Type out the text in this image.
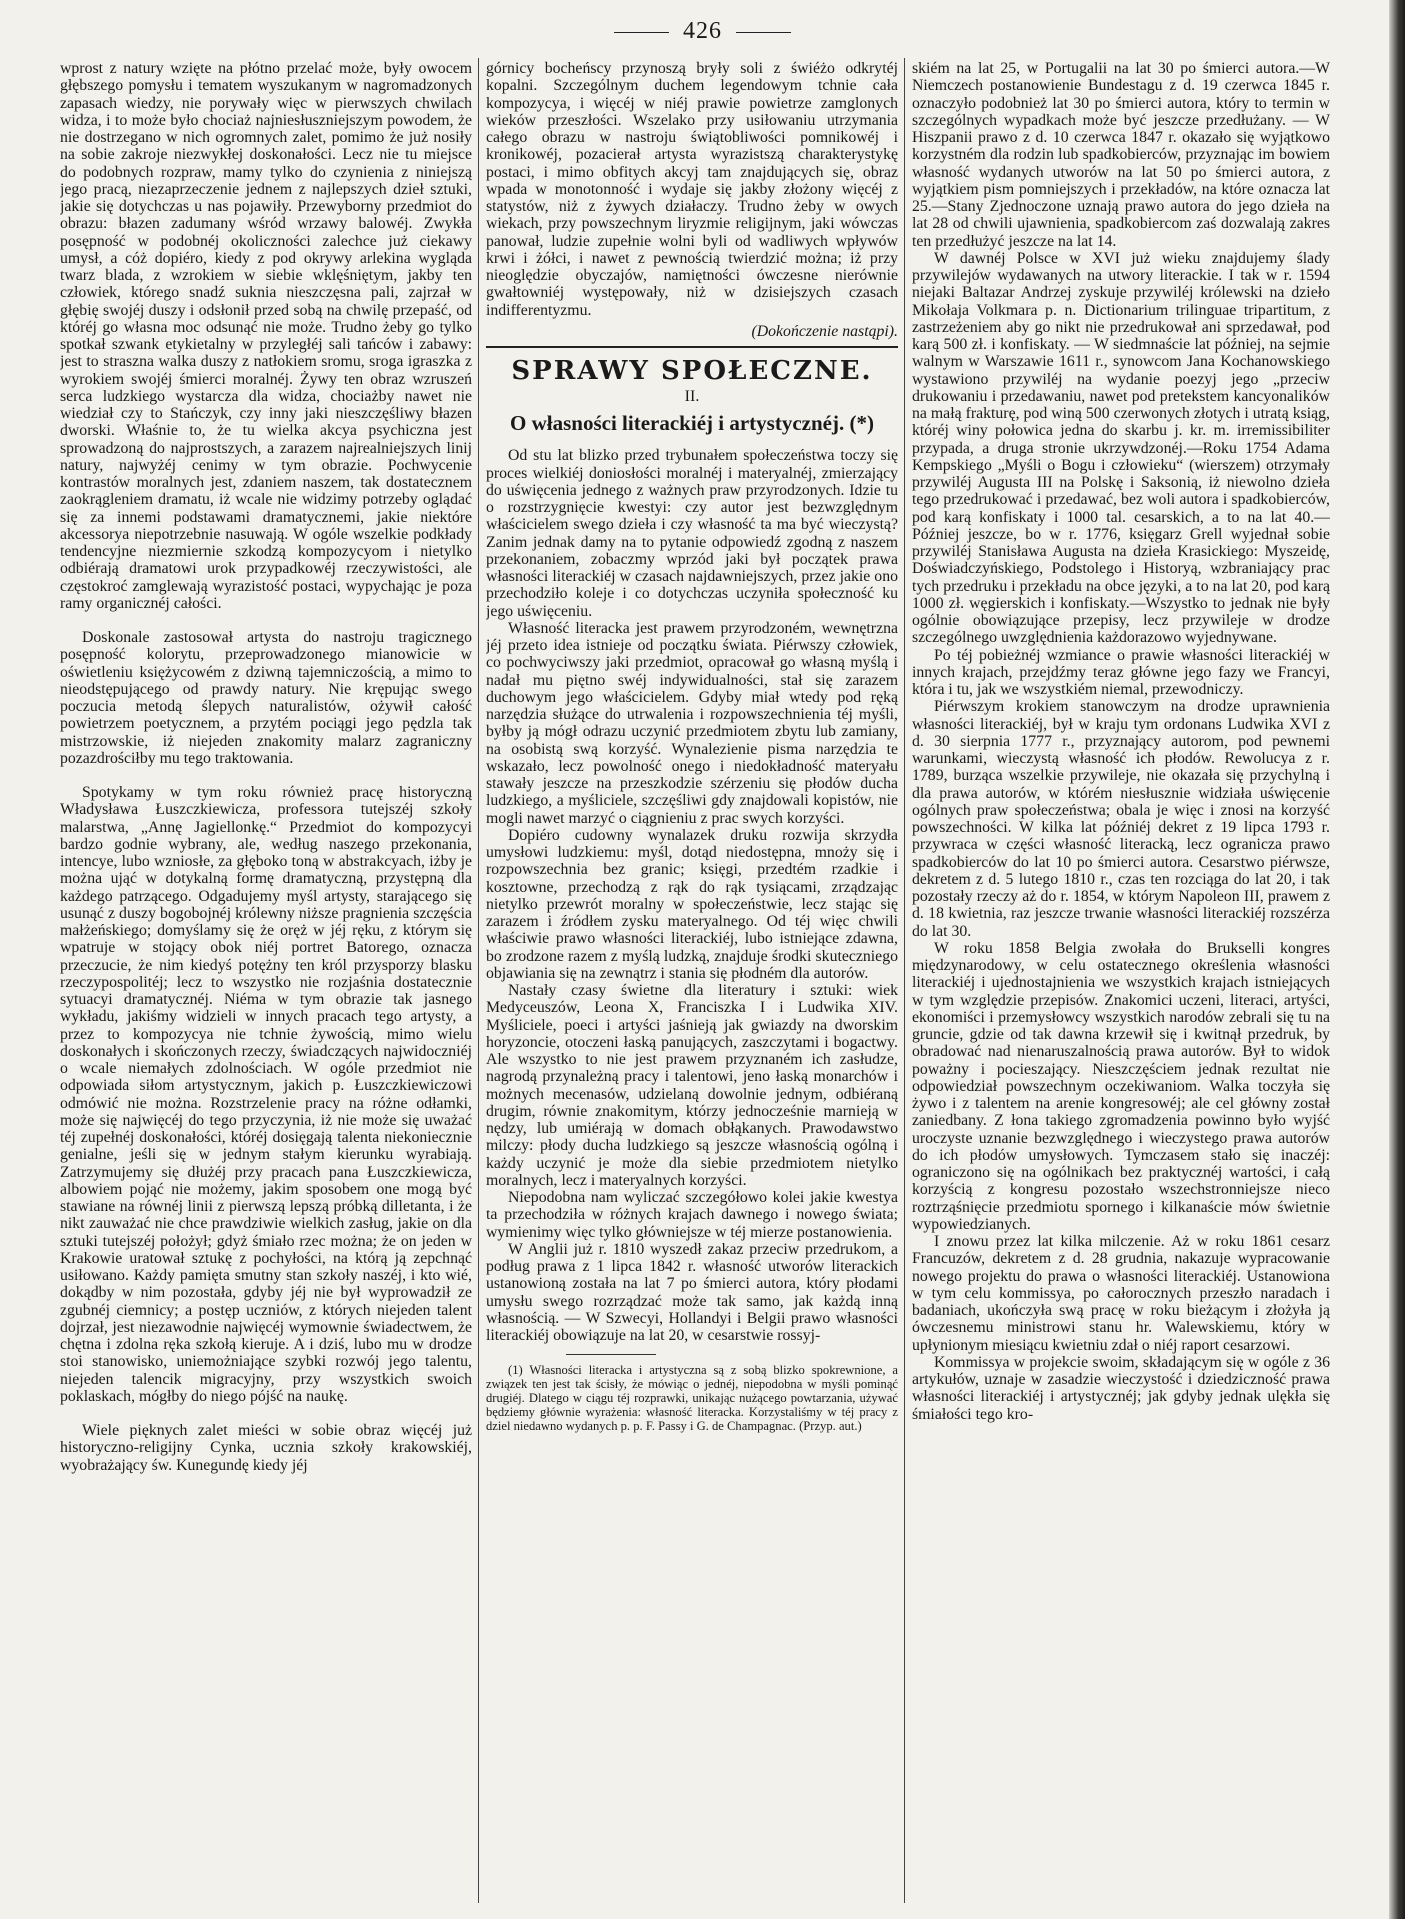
426

wprost z natury wzięte na płótno przelać może, były owocem głębszego pomysłu i tematem wyszukanym w nagromadzonych zapasach wiedzy, nie porywały więc w pierwszych chwilach widza, i to może było chociaż najniesłuszniejszym powodem, że nie dostrzegano w nich ogromnych zalet, pomimo że już nosiły na sobie zakroje niezwykłej doskonałości. Lecz nie tu miejsce do podobnych rozpraw, mamy tylko do czynienia z niniejszą jego pracą, niezaprzeczenie jednem z najlepszych dzieł sztuki, jakie się dotychczas u nas pojawiły. Przewyborny przedmiot do obrazu: błazen zadumany wśród wrzawy balowéj. Zwykła posępność w podobnéj okoliczności zalechce już ciekawy umysł, a cóż dopiéro, kiedy z pod okrywy arlekina wygląda twarz blada, z wzrokiem w siebie wklęśniętym, jakby ten człowiek, którego snadź suknia nieszczęsna pali, zajrzał w głębię swojéj duszy i odsłonił przed sobą na chwilę przepaść, od któréj go własna moc odsunąć nie może. Trudno żeby go tylko spotkał szwank etykietalny w przyległéj sali tańców i zabawy: jest to straszna walka duszy z natłokiem sromu, sroga igraszka z wyrokiem swojéj śmierci moralnéj. Żywy ten obraz wzruszeń serca ludzkiego wystarcza dla widza, chociażby nawet nie wiedział czy to Stańczyk, czy inny jaki nieszczęśliwy błazen dworski. Właśnie to, że tu wielka akcya psychiczna jest sprowadzoną do najprostszych, a zarazem najrealniejszych linij natury, najwyżéj cenimy w tym obrazie. Pochwycenie kontrastów moralnych jest, zdaniem naszem, tak dostatecznem zaokrągleniem dramatu, iż wcale nie widzimy potrzeby oglądać się za innemi podstawami dramatycznemi, jakie niektóre akcessorya niepotrzebnie nasuwają. W ogóle wszelkie podkłady tendencyjne niezmiernie szkodzą kompozycyom i nietylko odbiérają dramatowi urok przypadkowéj rzeczywistości, ale częstokroć zamglewają wyrazistość postaci, wypychając je poza ramy organicznéj całości.

Doskonale zastosował artysta do nastroju tragicznego posępność kolorytu, przeprowadzonego mianowicie w oświetleniu księżycowém z dziwną tajemniczością, a mimo to nieodstępującego od prawdy natury. Nie krępując swego poczucia metodą ślepych naturalistów, ożywił całość powietrzem poetycznem, a przytém pociągi jego pędzla tak mistrzowskie, iż niejeden znakomity malarz zagraniczny pozazdrościłby mu tego traktowania.

Spotykamy w tym roku również pracę historyczną Władysława Łuszczkiewicza, professora tutejszéj szkoły malarstwa, „Annę Jagiellonkę.“ Przedmiot do kompozycyi bardzo godnie wybrany, ale, według naszego przekonania, intencye, lubo wzniosłe, za głęboko toną w abstrakcyach, iżby je można ująć w dotykalną formę dramatyczną, przystępną dla każdego patrzącego. Odgadujemy myśl artysty, starającego się usunąć z duszy bogobojnéj królewny niższe pragnienia szczęścia małżeńskiego; domyślamy się że oręż w jéj ręku, z którym się wpatruje w stojący obok niéj portret Batorego, oznacza przeczucie, że nim kiedyś potężny ten król przysporzy blasku rzeczypospolitéj; lecz to wszystko nie rozjaśnia dostatecznie sytuacyi dramatycznéj. Niéma w tym obrazie tak jasnego wykładu, jakiśmy widzieli w innych pracach tego artysty, a przez to kompozycya nie tchnie żywością, mimo wielu doskonałych i skończonych rzeczy, świadczących najwidoczniéj o wcale niemałych zdolnościach. W ogóle przedmiot nie odpowiada siłom artystycznym, jakich p. Łuszczkiewiczowi odmówić nie można. Rozstrzelenie pracy na różne odłamki, może się najwięcéj do tego przyczynia, iż nie może się uważać téj zupełnéj doskonałości, któréj dosięgają talenta niekoniecznie genialne, jeśli się w jednym stałym kierunku wyrabiają. Zatrzymujemy się dłużéj przy pracach pana Łuszczkiewicza, albowiem pojąć nie możemy, jakim sposobem one mogą być stawiane na równéj linii z pierwszą lepszą próbką dilletanta, i że nikt zauważać nie chce prawdziwie wielkich zasług, jakie on dla sztuki tutejszéj położył; gdyż śmiało rzec można; że on jeden w Krakowie uratował sztukę z pochyłości, na którą ją zepchnąć usiłowano. Każdy pamięta smutny stan szkoły naszéj, i kto wié, dokądby w nim pozostała, gdyby jéj nie był wyprowadził ze zgubnéj ciemnicy; a postęp uczniów, z których niejeden talent dojrzał, jest niezawodnie najwięcéj wymownie świadectwem, że chętna i zdolna ręka szkołą kieruje. A i dziś, lubo mu w drodze stoi stanowisko, uniemożniające szybki rozwój jego talentu, niejeden talencik migracyjny, przy wszystkich swoich poklaskach, mógłby do niego pójść na naukę.

Wiele pięknych zalet mieści w sobie obraz więcéj już historyczno-religijny Cynka, ucznia szkoły krakowskiéj, wyobrażający św. Kunegundę kiedy jéj

górnicy bocheńscy przynoszą bryły soli z świéżo odkrytéj kopalni. Szczególnym duchem legendowym tchnie cała kompozycya, i więcéj w niéj prawie powietrze zamglonych wieków przeszłości. Wszelako przy usiłowaniu utrzymania całego obrazu w nastroju świątobliwości pomnikowéj i kronikowéj, pozacierał artysta wyrazistszą charakterystykę postaci, i mimo obfitych akcyj tam znajdujących się, obraz wpada w monotonność i wydaje się jakby złożony więcéj z statystów, niż z żywych działaczy. Trudno żeby w owych wiekach, przy powszechnym liryzmie religijnym, jaki wówczas panował, ludzie zupełnie wolni byli od wadliwych wpływów krwi i żółci, i nawet z pewnością twierdzić można; iż przy nieoględzie obyczajów, namiętności ówczesne nierównie gwałtowniéj występowały, niż w dzisiejszych czasach indifferentyzmu.

(Dokończenie nastąpi).
SPRAWY SPOŁECZNE.
II.
O własności literackiéj i artystycznéj. (*)

Od stu lat blizko przed trybunałem społeczeństwa toczy się proces wielkiéj doniosłości moralnéj i materyalnéj, zmierzający do uświęcenia jednego z ważnych praw przyrodzonych. Idzie tu o rozstrzygnięcie kwestyi: czy autor jest bezwzględnym właścicielem swego dzieła i czy własność ta ma być wieczystą? Zanim jednak damy na to pytanie odpowiedź zgodną z naszem przekonaniem, zobaczmy wprzód jaki był początek prawa własności literackiéj w czasach najdawniejszych, przez jakie ono przechodziło koleje i co dotychczas uczyniła społeczność ku jego uświęceniu.

Własność literacka jest prawem przyrodzoném, wewnętrzna jéj przeto idea istnieje od początku świata. Piérwszy człowiek, co pochwyciwszy jaki przedmiot, opracował go własną myślą i nadał mu piętno swéj indywidualności, stał się zarazem duchowym jego właścicielem. Gdyby miał wtedy pod ręką narzędzia służące do utrwalenia i rozpowszechnienia téj myśli, byłby ją mógł odrazu uczynić przedmiotem zbytu lub zamiany, na osobistą swą korzyść. Wynalezienie pisma narzędzia te wskazało, lecz powolność onego i niedokładność materyału stawały jeszcze na przeszkodzie szérzeniu się płodów ducha ludzkiego, a myśliciele, szczęśliwi gdy znajdowali kopistów, nie mogli nawet marzyć o ciągnieniu z prac swych korzyści.

Dopiéro cudowny wynalazek druku rozwija skrzydła umysłowi ludzkiemu: myśl, dotąd niedostępna, mnoży się i rozpowszechnia bez granic; księgi, przedtém rzadkie i kosztowne, przechodzą z rąk do rąk tysiącami, zrządzając nietylko przewrót moralny w społeczeństwie, lecz stając się zarazem i źródłem zysku materyalnego. Od téj więc chwili właściwie prawo własności literackiéj, lubo istniejące zdawna, bo zrodzone razem z myślą ludzką, znajduje środki skuteczniego objawiania się na zewnątrz i stania się płodném dla autorów.

Nastały czasy świetne dla literatury i sztuki: wiek Medyceuszów, Leona X, Franciszka I i Ludwika XIV. Myśliciele, poeci i artyści jaśnieją jak gwiazdy na dworskim horyzoncie, otoczeni łaską panujących, zaszczytami i bogactwy. Ale wszystko to nie jest prawem przyznaném ich zasłudze, nagrodą przynależną pracy i talentowi, jeno łaską monarchów i możnych mecenasów, udzielaną dowolnie jednym, odbiéraną drugim, równie znakomitym, którzy jednocześnie marnieją w nędzy, lub umiérają w domach obłąkanych. Prawodawstwo milczy: płody ducha ludzkiego są jeszcze własnością ogólną i każdy uczynić je może dla siebie przedmiotem nietylko moralnych, lecz i materyalnych korzyści.

Niepodobna nam wyliczać szczegółowo kolei jakie kwestya ta przechodziła w różnych krajach dawnego i nowego świata; wymienimy więc tylko główniejsze w téj mierze postanowienia.

W Anglii już r. 1810 wyszedł zakaz przeciw przedrukom, a podług prawa z 1 lipca 1842 r. własność utworów literackich ustanowioną została na lat 7 po śmierci autora, który płodami umysłu swego rozrządzać może tak samo, jak każdą inną własnością. — W Szwecyi, Hollandyi i Belgii prawo własności literackiéj obowiązuje na lat 20, w cesarstwie rossyj-

(1) Własności literacka i artystyczna są z sobą blizko spokrewnione, a związek ten jest tak ścisły, że mówiąc o jednéj, niepodobna w myśli pominąć drugiéj. Dlatego w ciągu téj rozprawki, unikając nużącego powtarzania, używać będziemy głównie wyrażenia: własność literacka. Korzystaliśmy w téj pracy z dziel niedawno wydanych p. p. F. Passy i G. de Champagnac. (Przyp. aut.)

skiém na lat 25, w Portugalii na lat 30 po śmierci autora.—W Niemczech postanowienie Bundestagu z d. 19 czerwca 1845 r. oznaczyło podobnież lat 30 po śmierci autora, który to termin w szczególnych wypadkach może być jeszcze przedłużany. — W Hiszpanii prawo z d. 10 czerwca 1847 r. okazało się wyjątkowo korzystném dla rodzin lub spadkobierców, przyznając im bowiem własność wydanych utworów na lat 50 po śmierci autora, z wyjątkiem pism pomniejszych i przekładów, na które oznacza lat 25.—Stany Zjednoczone uznają prawo autora do jego dzieła na lat 28 od chwili ujawnienia, spadkobiercom zaś dozwalają zakres ten przedłużyć jeszcze na lat 14.

W dawnéj Polsce w XVI już wieku znajdujemy ślady przywilejów wydawanych na utwory literackie. I tak w r. 1594 niejaki Baltazar Andrzej zyskuje przywiléj królewski na dzieło Mikołaja Volkmara p. n. Dictionarium trilinguae tripartitum, z zastrzeżeniem aby go nikt nie przedrukował ani sprzedawał, pod karą 500 zł. i konfiskaty. — W siedmnaście lat później, na sejmie walnym w Warszawie 1611 r., synowcom Jana Kochanowskiego wystawiono przywiléj na wydanie poezyj jego „przeciw drukowaniu i przedawaniu, nawet pod pretekstem kancyonalików na małą frakturę, pod winą 500 czerwonych złotych i utratą ksiąg, któréj winy połowica jedna do skarbu j. kr. m. irremissibiliter przypada, a druga stronie ukrzywdzonéj.—Roku 1754 Adama Kempskiego „Myśli o Bogu i człowieku“ (wierszem) otrzymały przywiléj Augusta III na Polskę i Saksonią, iż niewolno dzieła tego przedrukować i przedawać, bez woli autora i spadkobierców, pod karą konfiskaty i 1000 tal. cesarskich, a to na lat 40.—Później jeszcze, bo w r. 1776, księgarz Grell wyjednał sobie przywiléj Stanisława Augusta na dzieła Krasickiego: Myszeidę, Doświadczyńskiego, Podstolego i Historyą, wzbraniający prac tych przedruku i przekładu na obce języki, a to na lat 20, pod karą 1000 zł. węgierskich i konfiskaty.—Wszystko to jednak nie były ogólnie obowiązujące przepisy, lecz przywileje w drodze szczególnego uwzględnienia każdorazowo wyjednywane.

Po téj pobieżnéj wzmiance o prawie własności literackiéj w innych krajach, przejdźmy teraz główne jego fazy we Francyi, która i tu, jak we wszystkiém niemal, przewodniczy.

Piérwszym krokiem stanowczym na drodze uprawnienia własności literackiéj, był w kraju tym ordonans Ludwika XVI z d. 30 sierpnia 1777 r., przyznający autorom, pod pewnemi warunkami, wieczystą własność ich płodów. Rewolucya z r. 1789, burząca wszelkie przywileje, nie okazała się przychylną i dla prawa autorów, w którém niesłusznie widziała uświęcenie ogólnych praw społeczeństwa; obala je więc i znosi na korzyść powszechności. W kilka lat późniéj dekret z 19 lipca 1793 r. przywraca w części własność literacką, lecz ogranicza prawo spadkobierców do lat 10 po śmierci autora. Cesarstwo piérwsze, dekretem z d. 5 lutego 1810 r., czas ten rozciąga do lat 20, i tak pozostały rzeczy aż do r. 1854, w którym Napoleon III, prawem z d. 18 kwietnia, raz jeszcze trwanie własności literackiéj rozszérza do lat 30.

W roku 1858 Belgia zwołała do Brukselli kongres międzynarodowy, w celu ostatecznego określenia własności literackiéj i ujednostajnienia we wszystkich krajach istniejących w tym względzie przepisów. Znakomici uczeni, literaci, artyści, ekonomiści i przemysłowcy wszystkich narodów zebrali się tu na gruncie, gdzie od tak dawna krzewił się i kwitnął przedruk, by obradować nad nienaruszalnością prawa autorów. Był to widok poważny i pocieszający. Nieszczęściem jednak rezultat nie odpowiedział powszechnym oczekiwaniom. Walka toczyła się żywo i z talentem na arenie kongresowéj; ale cel główny został zaniedbany. Z łona takiego zgromadzenia powinno było wyjść uroczyste uznanie bezwzględnego i wieczystego prawa autorów do ich płodów umysłowych. Tymczasem stało się inaczéj: ograniczono się na ogólnikach bez praktycznéj wartości, i całą korzyścią z kongresu pozostało wszechstronniejsze nieco roztrząśnięcie przedmiotu spornego i kilkanaście mów świetnie wypowiedzianych.

I znowu przez lat kilka milczenie. Aż w roku 1861 cesarz Francuzów, dekretem z d. 28 grudnia, nakazuje wypracowanie nowego projektu do prawa o własności literackiéj. Ustanowiona w tym celu kommissya, po całorocznych przeszło naradach i badaniach, ukończyła swą pracę w roku bieżącym i złożyła ją ówczesnemu ministrowi stanu hr. Walewskiemu, który w upłynionym miesiącu kwietniu zdał o niéj raport cesarzowi.

Kommissya w projekcie swoim, składającym się w ogóle z 36 artykułów, uznaje w zasadzie wieczystość i dziedziczność prawa własności literackiéj i artystycznéj; jak gdyby jednak ulękła się śmiałości tego kro-
